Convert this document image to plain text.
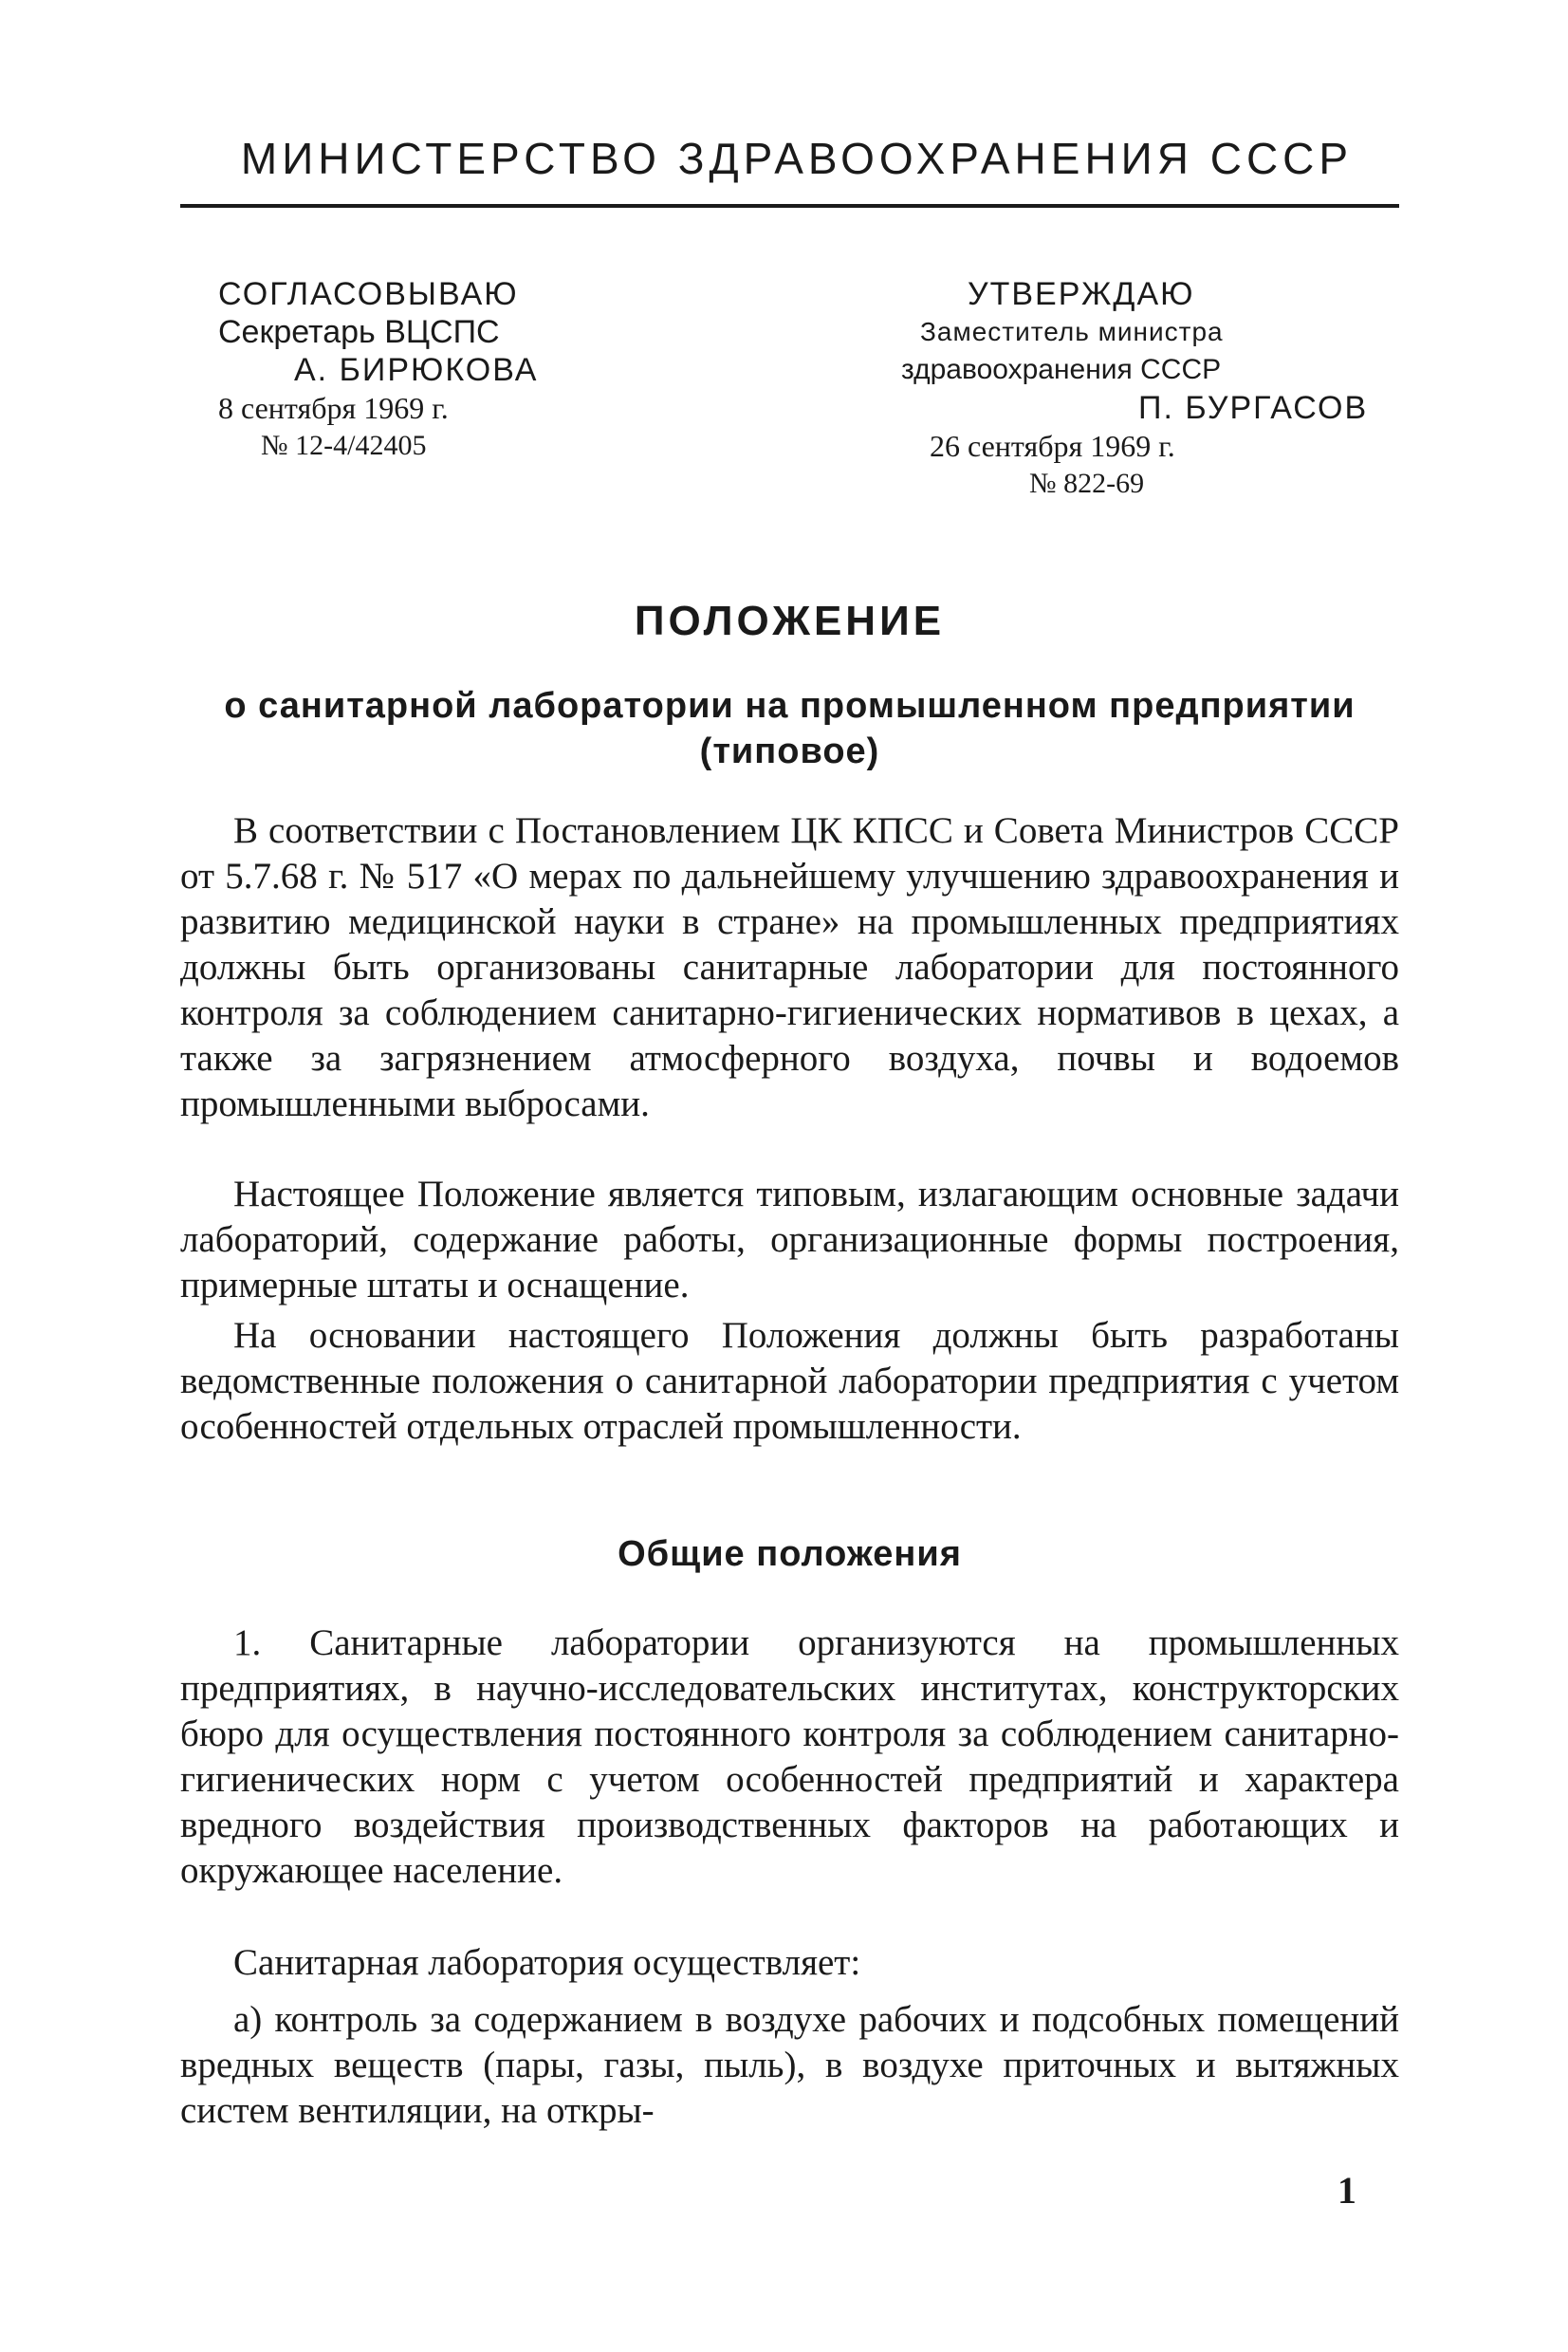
МИНИСТЕРСТВО ЗДРАВООХРАНЕНИЯ СССР
СОГЛАСОВЫВАЮ
Секретарь ВЦСПС
А. БИРЮКОВА
8 сентября 1969 г.
№ 12-4/42405
УТВЕРЖДАЮ
Заместитель министра
здравоохранения СССР
П. БУРГАСОВ
26 сентября 1969 г.
№ 822-69
ПОЛОЖЕНИЕ
о санитарной лаборатории на промышленном предприятии
(типовое)

В соответствии с Постановлением ЦК КПСС и Совета Министров СССР от 5.7.68 г. № 517 «О мерах по дальнейшему улучшению здравоохранения и развитию медицинской науки в стране» на промышленных предприятиях должны быть организованы санитарные лаборатории для постоянного контроля за соблюдением санитарно-гигиенических нормативов в цехах, а также за загрязнением атмосферного воздуха, почвы и водоемов промышленными выбросами.

Настоящее Положение является типовым, излагающим основные задачи лабораторий, содержание работы, организационные формы построения, примерные штаты и оснащение.

На основании настоящего Положения должны быть разработаны ведомственные положения о санитарной лаборатории предприятия с учетом особенностей отдельных отраслей промышленности.

Общие положения

1. Санитарные лаборатории организуются на промышленных предприятиях, в научно-исследовательских институтах, конструкторских бюро для осуществления постоянного контроля за соблюдением санитарно-гигиенических норм с учетом особенностей предприятий и характера вредного воздействия производственных факторов на работающих и окружающее население.

Санитарная лаборатория осуществляет:

а) контроль за содержанием в воздухе рабочих и подсобных помещений вредных веществ (пары, газы, пыль), в воздухе приточных и вытяжных систем вентиляции, на откры-

1
